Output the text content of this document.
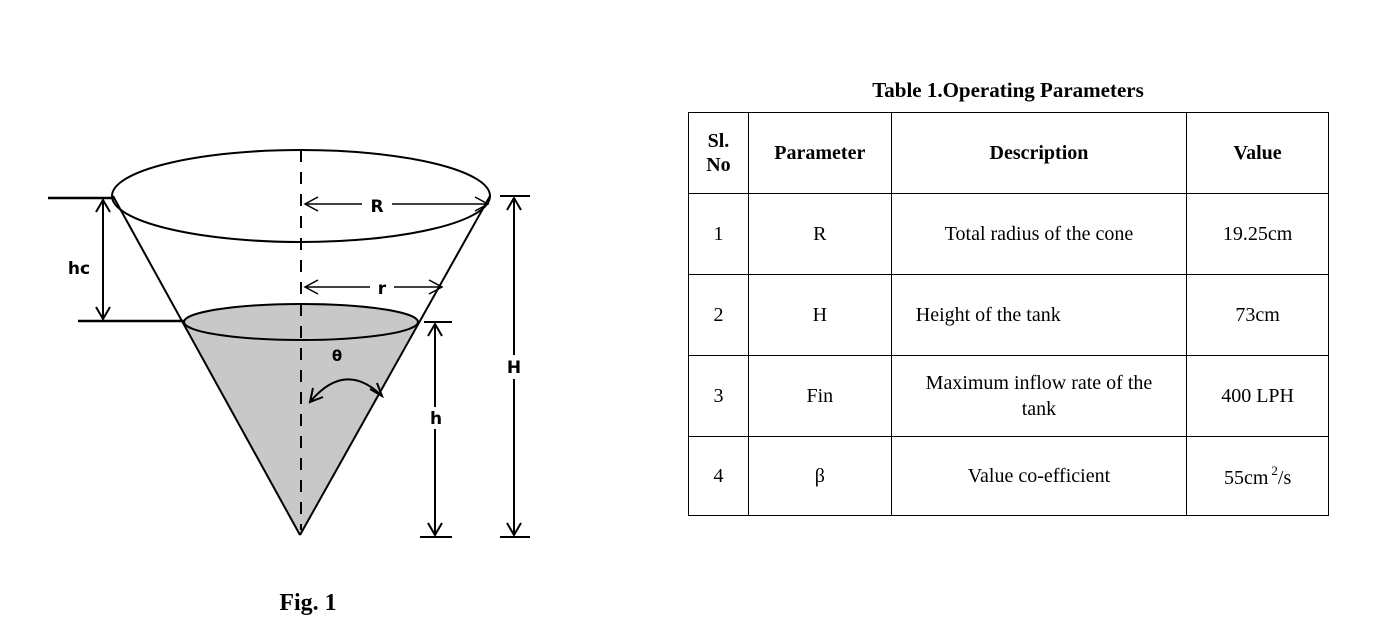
R
r
θ
hc
h
H
Fig. 1
Table 1.Operating Parameters
Sl. No	Parameter	Description	Value
1	R	Total radius of the cone	19.25cm
2	H	Height of the tank	73cm
3	Fin	Maximum inflow rate of the tank	400 LPH
4	β	Value co-efficient	55cm $^2$/s
